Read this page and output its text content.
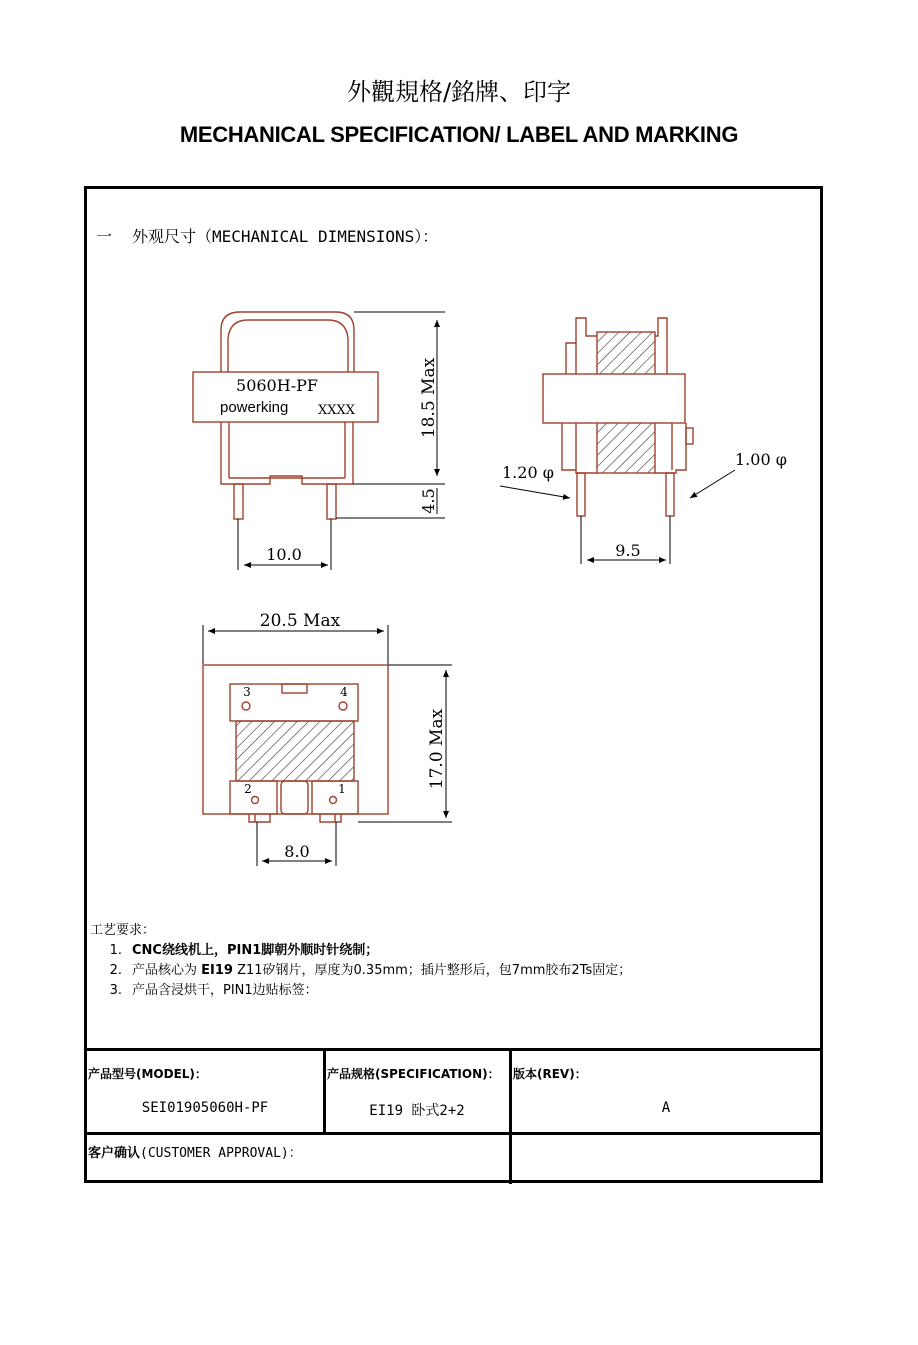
外觀規格/銘牌、印字
MECHANICAL SPECIFICATION/ LABEL AND MARKING
一 外观尺寸（MECHANICAL DIMENSIONS）：
5060H-PF
powerking XXXX	18.5 Max
4.5
10.0
1.20 φ
1.00 φ
9.5
3	4
2	1
20.5 Max
17.0 Max
8.0
工艺要求：
1. CNC绕线机上，PIN1脚朝外顺时针绕制；
2. 产品核心为 EI19 Z11矽钢片，厚度为0.35mm；插片整形后，包7mm胶布2Ts固定；
3. 产品含浸烘干，PIN1边贴标签：
产品型号(MODEL)：
SEI01905060H-PF
产品规格(SPECIFICATION)：
EI19 卧式2+2
版本(REV)：
A
客户确认(CUSTOMER APPROVAL)：
